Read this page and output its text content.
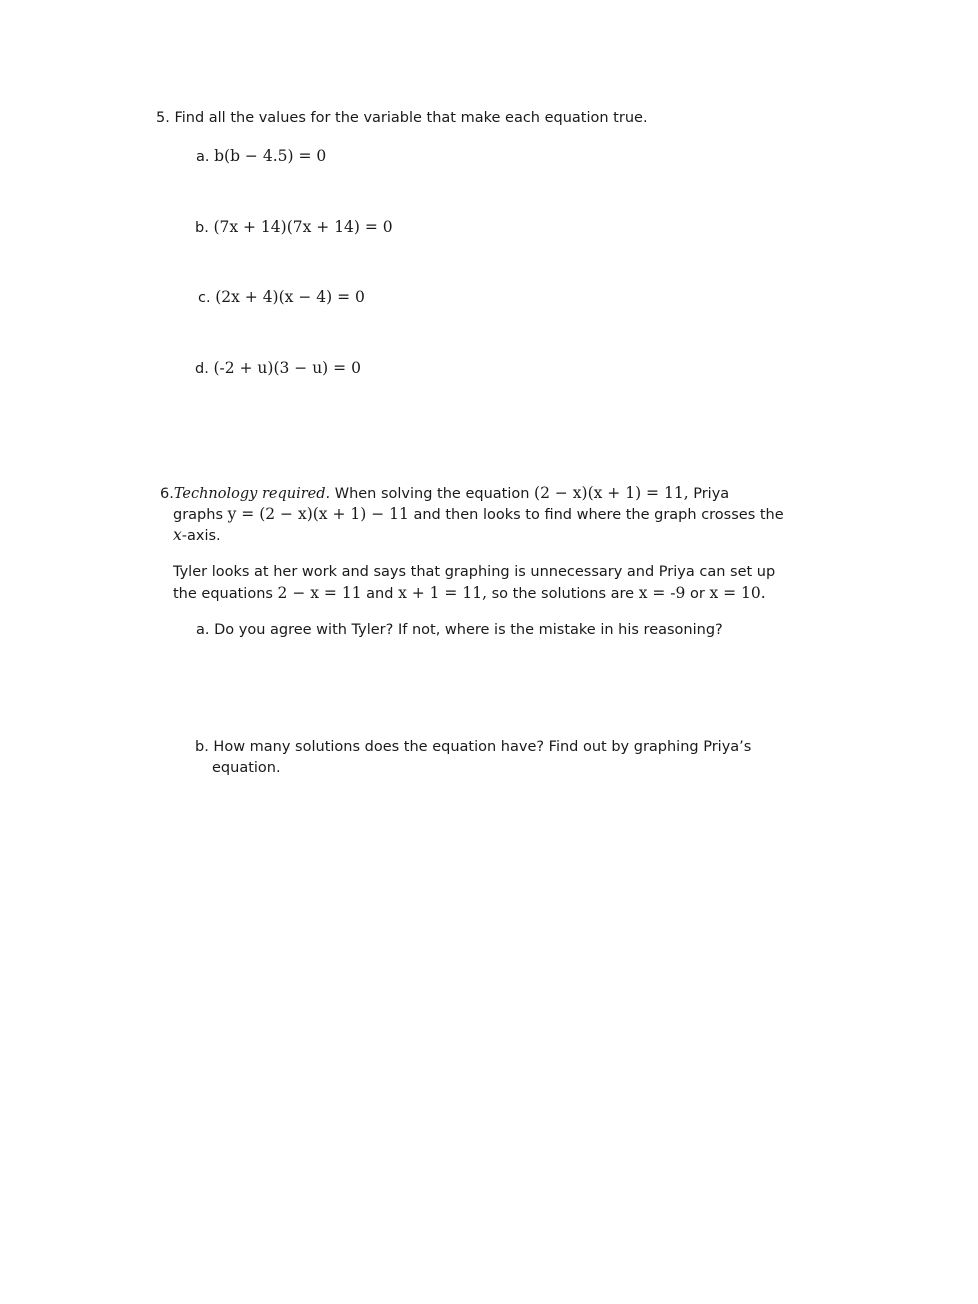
5. Find all the values for the variable that make each equation true.
a. b(b − 4.5) = 0
b. (7x + 14)(7x + 14) = 0
c. (2x + 4)(x − 4) = 0
d. (-2 + u)(3 − u) = 0
6.Technology required. When solving the equation (2 − x)(x + 1) = 11, Priya
graphs y = (2 − x)(x + 1) − 11 and then looks to find where the graph crosses the
x-axis.
Tyler looks at her work and says that graphing is unnecessary and Priya can set up
the equations 2 − x = 11 and x + 1 = 11, so the solutions are x = -9 or x = 10.
a. Do you agree with Tyler? If not, where is the mistake in his reasoning?
b. How many solutions does the equation have? Find out by graphing Priya’s
equation.
